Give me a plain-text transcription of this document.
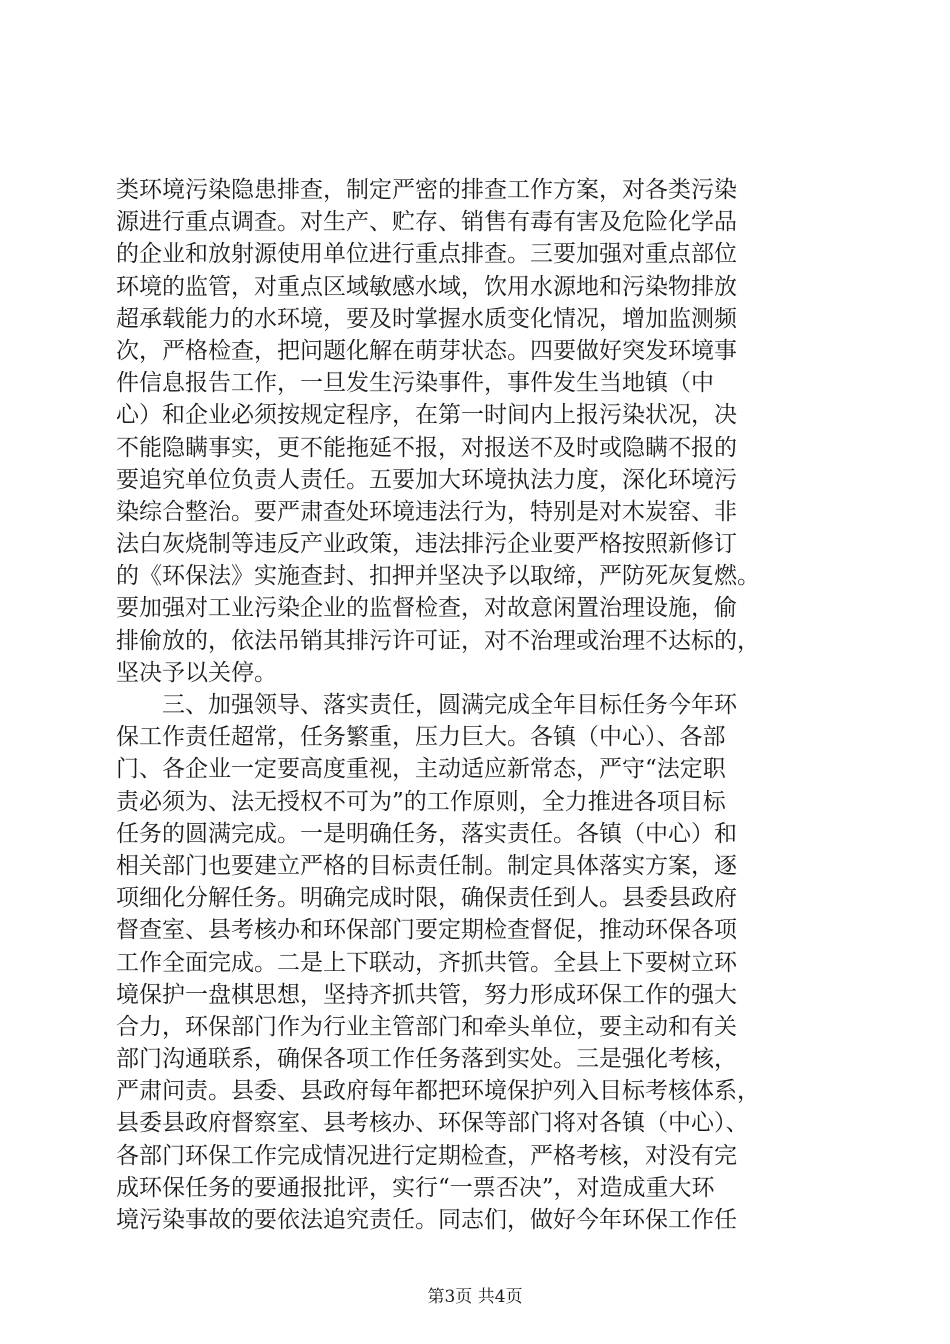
类环境污染隐患排查，制定严密的排查工作方案，对各类污染
源进行重点调查。对生产、贮存、销售有毒有害及危险化学品
的企业和放射源使用单位进行重点排查。三要加强对重点部位
环境的监管，对重点区域敏感水域，饮用水源地和污染物排放
超承载能力的水环境，要及时掌握水质变化情况，增加监测频
次，严格检查，把问题化解在萌芽状态。四要做好突发环境事
件信息报告工作，一旦发生污染事件，事件发生当地镇（中
心）和企业必须按规定程序，在第一时间内上报污染状况，决
不能隐瞒事实，更不能拖延不报，对报送不及时或隐瞒不报的
要追究单位负责人责任。五要加大环境执法力度，深化环境污
染综合整治。要严肃查处环境违法行为，特别是对木炭窑、非
法白灰烧制等违反产业政策，违法排污企业要严格按照新修订
的《环保法》实施查封、扣押并坚决予以取缔，严防死灰复燃。
要加强对工业污染企业的监督检查，对故意闲置治理设施，偷
排偷放的，依法吊销其排污许可证，对不治理或治理不达标的，
坚决予以关停。
　　三、加强领导、落实责任，圆满完成全年目标任务今年环
保工作责任超常，任务繁重，压力巨大。各镇（中心）、各部
门、各企业一定要高度重视，主动适应新常态，严守“法定职
责必须为、法无授权不可为”的工作原则，全力推进各项目标
任务的圆满完成。一是明确任务，落实责任。各镇（中心）和
相关部门也要建立严格的目标责任制。制定具体落实方案，逐
项细化分解任务。明确完成时限，确保责任到人。县委县政府
督查室、县考核办和环保部门要定期检查督促，推动环保各项
工作全面完成。二是上下联动，齐抓共管。全县上下要树立环
境保护一盘棋思想，坚持齐抓共管，努力形成环保工作的强大
合力，环保部门作为行业主管部门和牵头单位，要主动和有关
部门沟通联系，确保各项工作任务落到实处。三是强化考核，
严肃问责。县委、县政府每年都把环境保护列入目标考核体系，
县委县政府督察室、县考核办、环保等部门将对各镇（中心）、
各部门环保工作完成情况进行定期检查，严格考核，对没有完
成环保任务的要通报批评，实行“一票否决”，对造成重大环
境污染事故的要依法追究责任。同志们，做好今年环保工作任
第3页 共4页
